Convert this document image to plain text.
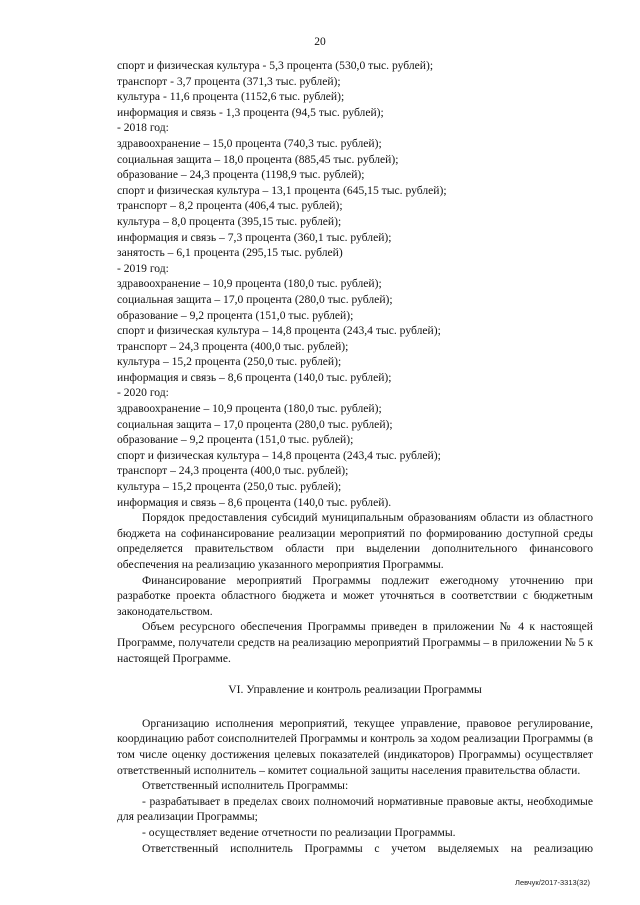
20
спорт и физическая культура - 5,3 процента (530,0 тыс. рублей);
транспорт - 3,7 процента (371,3 тыс. рублей);
культура - 11,6 процента (1152,6 тыс. рублей);
информация и связь - 1,3 процента (94,5 тыс. рублей);
- 2018 год:
здравоохранение – 15,0 процента (740,3 тыс. рублей);
социальная защита – 18,0 процента (885,45 тыс. рублей);
образование – 24,3 процента (1198,9 тыс. рублей);
спорт и физическая культура – 13,1 процента (645,15 тыс. рублей);
транспорт – 8,2 процента (406,4 тыс. рублей);
культура – 8,0 процента (395,15 тыс. рублей);
информация и связь – 7,3 процента (360,1 тыс. рублей);
занятость – 6,1 процента (295,15 тыс. рублей)
- 2019 год:
здравоохранение – 10,9 процента (180,0 тыс. рублей);
социальная защита – 17,0 процента (280,0 тыс. рублей);
образование – 9,2 процента (151,0 тыс. рублей);
спорт и физическая культура – 14,8 процента (243,4 тыс. рублей);
транспорт – 24,3 процента (400,0 тыс. рублей);
культура – 15,2 процента (250,0 тыс. рублей);
информация и связь – 8,6 процента (140,0 тыс. рублей);
- 2020 год:
здравоохранение – 10,9 процента (180,0 тыс. рублей);
социальная защита – 17,0 процента (280,0 тыс. рублей);
образование – 9,2 процента (151,0 тыс. рублей);
спорт и физическая культура – 14,8 процента (243,4 тыс. рублей);
транспорт – 24,3 процента (400,0 тыс. рублей);
культура – 15,2 процента (250,0 тыс. рублей);
информация и связь – 8,6 процента (140,0 тыс. рублей).
Порядок предоставления субсидий муниципальным образованиям области из областного бюджета на софинансирование реализации мероприятий по формированию доступной среды определяется правительством области при выделении дополнительного финансового обеспечения на реализацию указанного мероприятия Программы.
Финансирование мероприятий Программы подлежит ежегодному уточнению при разработке проекта областного бюджета и может уточняться в соответствии с бюджетным законодательством.
Объем ресурсного обеспечения Программы приведен в приложении № 4 к настоящей Программе, получатели средств на реализацию мероприятий Программы – в приложении № 5 к настоящей Программе.
VI. Управление и контроль реализации Программы
Организацию исполнения мероприятий, текущее управление, правовое регулирование, координацию работ соисполнителей Программы и контроль за ходом реализации Программы (в том числе оценку достижения целевых показателей (индикаторов) Программы) осуществляет ответственный исполнитель – комитет социальной защиты населения правительства области.
Ответственный исполнитель Программы:
- разрабатывает в пределах своих полномочий нормативные правовые акты, необходимые для реализации Программы;
- осуществляет ведение отчетности по реализации Программы.
Ответственный исполнитель Программы с учетом выделяемых на реализацию
Левчук/2017-3313(32)
